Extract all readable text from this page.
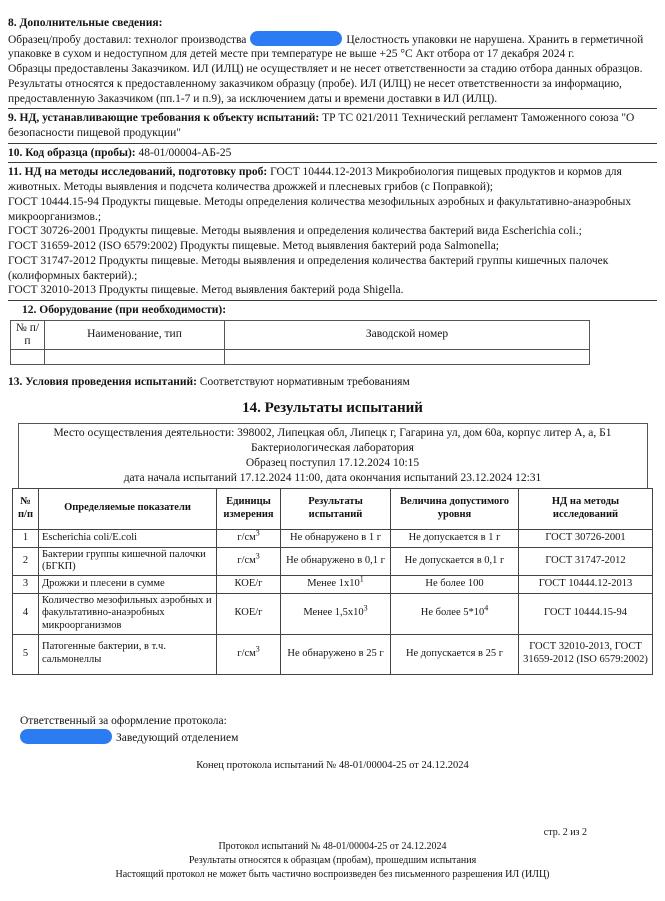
8. Дополнительные сведения:
Образец/пробу доставил: технолог производства	Целостность упаковки не нарушена. Хранить в герметичной упаковке в сухом и недоступном для детей месте при температуре не выше +25 °C Акт отбора от 17 декабря 2024 г.
Образцы предоставлены Заказчиком. ИЛ (ИЛЦ) не осуществляет и не несет ответственности за стадию отбора данных образцов. Результаты относятся к предоставленному заказчиком образцу (пробе). ИЛ (ИЛЦ) не несет ответственности за информацию, предоставленную Заказчиком (пп.1-7 и п.9), за исключением даты и времени доставки в ИЛ (ИЛЦ).
9. НД, устанавливающие требования к объекту испытаний: ТР ТС 021/2011 Технический регламент Таможенного союза "О безопасности пищевой продукции"
10. Код образца (пробы): 48-01/00004-АБ-25
11. НД на методы исследований, подготовку проб: ГОСТ 10444.12-2013 Микробиология пищевых продуктов и кормов для животных. Методы выявления и подсчета количества дрожжей и плесневых грибов (с Поправкой);
ГОСТ 10444.15-94 Продукты пищевые. Методы определения количества мезофильных аэробных и факультативно-анаэробных микроорганизмов.;
ГОСТ 30726-2001 Продукты пищевые. Методы выявления и определения количества бактерий вида Escherichia coli.;
ГОСТ 31659-2012 (ISO 6579:2002) Продукты пищевые. Метод выявления бактерий рода Salmonella;
ГОСТ 31747-2012 Продукты пищевые. Методы выявления и определения количества бактерий группы кишечных палочек (колиформных бактерий).;
ГОСТ 32010-2013 Продукты пищевые. Метод выявления бактерий рода Shigella.
12. Оборудование (при необходимости):
№ п/п	Наименование, тип	Заводской номер

13. Условия проведения испытаний: Соответствуют нормативным требованиям
14. Результаты испытаний
Место осуществления деятельности: 398002, Липецкая обл, Липецк г, Гагарина ул, дом 60а, корпус литер А, а, Б1
Бактериологическая лаборатория
Образец поступил 17.12.2024 10:15
дата начала испытаний 17.12.2024 11:00, дата окончания испытаний 23.12.2024 12:31
№ п/п	Определяемые показатели	Единицы измерения	Результаты испытаний	Величина допустимого уровня	НД на методы исследований
1	Escherichia coli/E.coli	$г/см^3$	Не обнаружено в 1 г	Не допускается в 1 г	ГОСТ 30726-2001
2	Бактерии группы кишечной палочки (БГКП)	$г/см^3$	Не обнаружено в 0,1 г	Не допускается в 0,1 г	ГОСТ 31747-2012
3	Дрожжи и плесени в сумме	КОЕ/г	Менее $1x10^1$	Не более 100	ГОСТ 10444.12-2013
4	Количество мезофильных аэробных и факультативно-анаэробных микроорганизмов	КОЕ/г	Менее $1,5x10^3$	Не более $5*10^4$	ГОСТ 10444.15-94
5	Патогенные бактерии, в т.ч. сальмонеллы	$г/см^3$	Не обнаружено в 25 г	Не допускается в 25 г	ГОСТ 32010-2013, ГОСТ 31659-2012 (ISO 6579:2002)
Ответственный за оформление протокола:
Заведующий отделением
Конец протокола испытаний № 48-01/00004-25 от 24.12.2024
стр. 2 из 2
Протокол испытаний № 48-01/00004-25 от 24.12.2024
Результаты относятся к образцам (пробам), прошедшим испытания
Настоящий протокол не может быть частично воспроизведен без письменного разрешения ИЛ (ИЛЦ)
